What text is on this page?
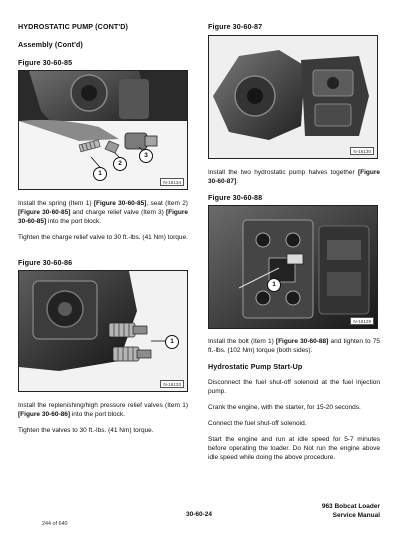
HYDROSTATIC PUMP (CONT'D)
Assembly (Cont'd)
Figure 30-60-85
1
2
3
N-16134
Install the spring (Item 1) [Figure 30-60-85], seat (Item 2) [Figure 30-60-85] and charge relief valve (Item 3) [Figure 30-60-85] into the port block.
Tighten the charge relief valve to 30 ft.-lbs. (41 Nm) torque.
Figure 30-60-86
1
N-16133
Install the replenishing/high pressure relief valves (Item 1) [Figure 30-60-86] into the port block.
Tighten the valves to 30 ft.-lbs. (41 Nm) torque.
Figure 30-60-87
N-16130
Install the two hydrostatic pump halves together [Figure 30-60-87].
Figure 30-60-88
1
N-16129
Install the bolt (Item 1) [Figure 30-60-88] and tighten to 75 ft.-lbs. (102 Nm) torque (both sides).
Hydrostatic Pump Start-Up
Disconnect the fuel shut-off solenoid at the fuel injection pump.
Crank the engine, with the starter, for 15-20 seconds.
Connect the fuel shut-off solenoid.
Start the engine and run at idle speed for 5-7 minutes before operating the loader. Do Not run the engine above idle speed while doing the above procedure.
30-60-24
963 Bobcat Loader
Service Manual
244 of 640
